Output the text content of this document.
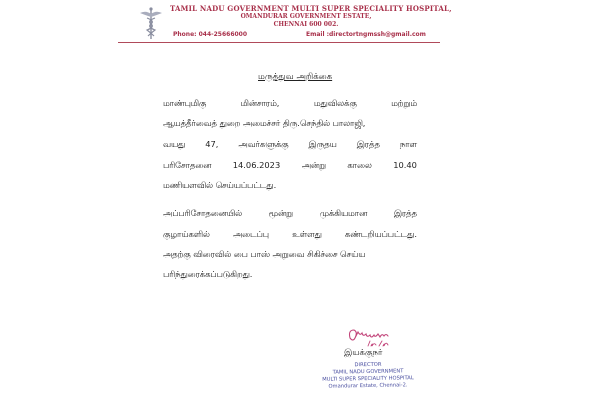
TAMIL NADU GOVERNMENT MULTI SUPER SPECIALITY HOSPITAL,
OMANDURAR GOVERNMENT ESTATE,
CHENNAI 600 002.
Phone: 044-25666000	Email :directortngmssh@gmail.com
மருத்துவ அறிக்கை
மாண்புமிகு	மின்சாரம்,	மதுவிலக்கு	மற்றும்
ஆயத்தீர்வைத் துறை அமைச்சர் திரு.செந்தில் பாலாஜி,
வயது 47, அவர்களுக்கு இருதய இரத்த நாள
பரிசோதனை	14.06.2023	அன்று	காலை	10.40
மணியளவில் செய்யப்பட்டது.
அப்பரிசோதனையில்	மூன்று	முக்கியமான	இரத்த
குழாய்களில்	அடைப்பு	உள்ளது	கண்டறியப்பட்டது.
அதற்கு விரைவில் பை பாஸ் அறுவை சிகிச்சை செய்ய
பரிந்துரைக்கப்படுகிறது.
இயக்குநர்
DIRECTOR
TAMIL NADU GOVERNMENT
MULTI SUPER SPECIALITY HOSPITAL
Omandurar Estate, Chennai-2.
